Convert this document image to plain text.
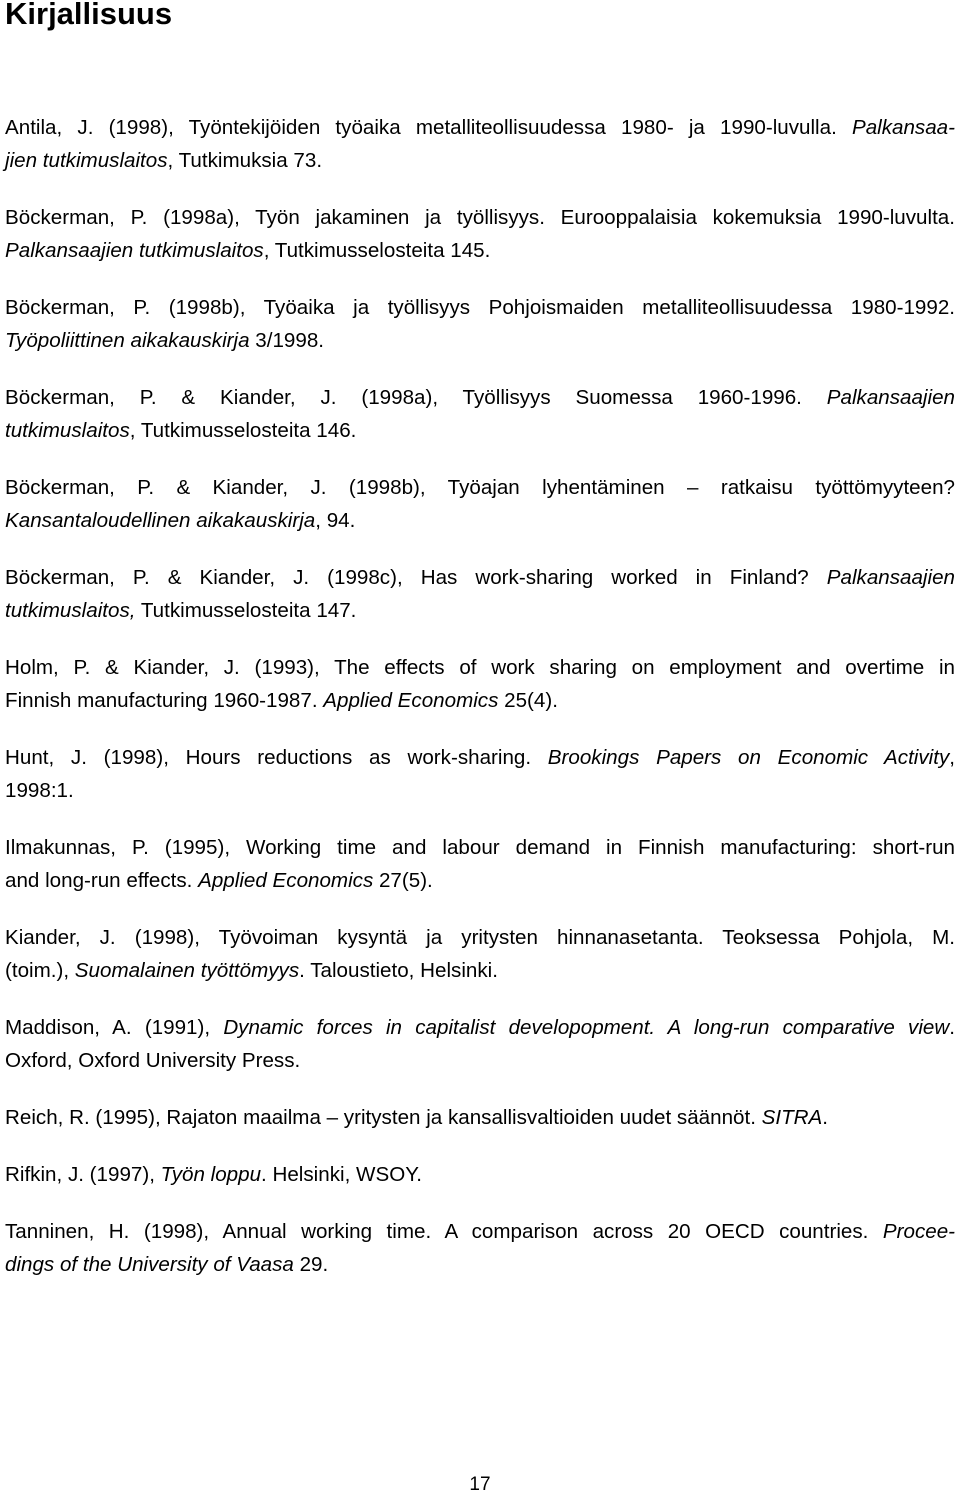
Kirjallisuus

Antila, J. (1998), Työntekijöiden työaika metalliteollisuudessa 1980- ja 1990-luvulla. Palkansaa-
jien tutkimuslaitos, Tutkimuksia 73.

Böckerman, P. (1998a), Työn jakaminen ja työllisyys. Eurooppalaisia kokemuksia 1990-luvulta.
Palkansaajien tutkimuslaitos, Tutkimusselosteita 145.

Böckerman, P. (1998b), Työaika ja työllisyys Pohjoismaiden metalliteollisuudessa 1980-1992.
Työpoliittinen aikakauskirja 3/1998.

Böckerman, P. & Kiander, J. (1998a), Työllisyys Suomessa 1960-1996. Palkansaajien
tutkimuslaitos, Tutkimusselosteita 146.

Böckerman, P. & Kiander, J. (1998b), Työajan lyhentäminen – ratkaisu työttömyyteen?
Kansantaloudellinen aikakauskirja, 94.

Böckerman, P. & Kiander, J. (1998c), Has work-sharing worked in Finland? Palkansaajien
tutkimuslaitos, Tutkimusselosteita 147.

Holm, P. & Kiander, J. (1993), The effects of work sharing on employment and overtime in
Finnish manufacturing 1960-1987. Applied Economics 25(4).

Hunt, J. (1998), Hours reductions as work-sharing. Brookings Papers on Economic Activity,
1998:1.

Ilmakunnas, P. (1995), Working time and labour demand in Finnish manufacturing: short-run
and long-run effects. Applied Economics 27(5).

Kiander, J. (1998), Työvoiman kysyntä ja yritysten hinnanasetanta. Teoksessa Pohjola, M.
(toim.), Suomalainen työttömyys. Taloustieto, Helsinki.

Maddison, A. (1991), Dynamic forces in capitalist developopment. A long-run comparative view.
Oxford, Oxford University Press.

Reich, R. (1995), Rajaton maailma – yritysten ja kansallisvaltioiden uudet säännöt. SITRA.

Rifkin, J. (1997), Työn loppu. Helsinki, WSOY.

Tanninen, H. (1998), Annual working time. A comparison across 20 OECD countries. Procee-
dings of the University of Vaasa 29.

17
